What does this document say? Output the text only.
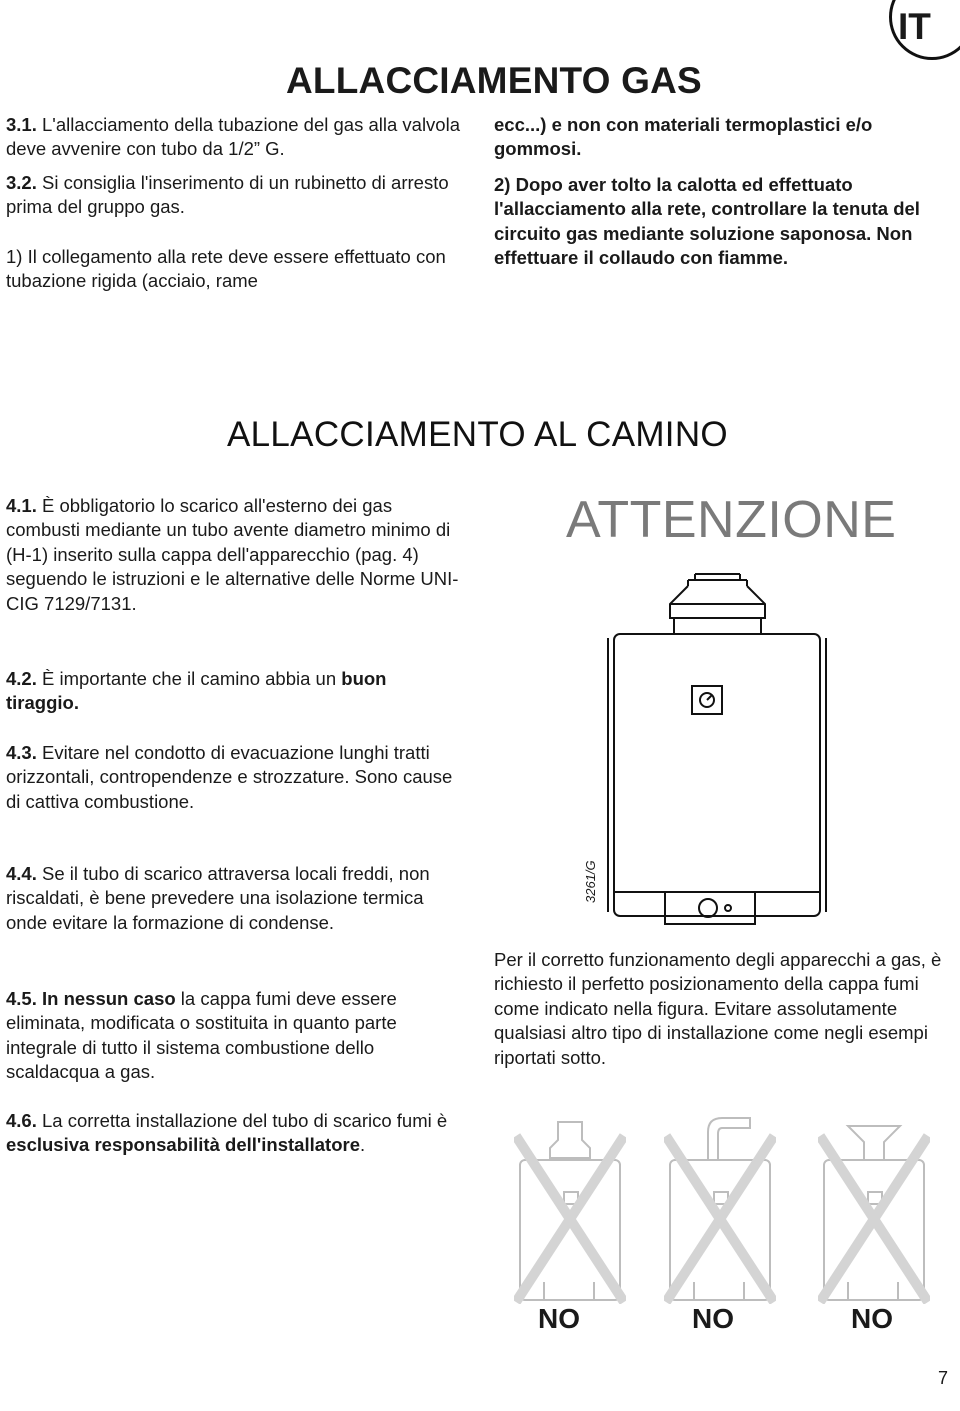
IT
ALLACCIAMENTO GAS

3.1. L'allacciamento della tubazione del gas alla valvola deve avvenire con tubo da 1/2” G.

3.2. Si consiglia l'inserimento di un rubinetto di arresto prima del gruppo gas.

1) Il collegamento alla rete deve essere effettuato con tubazione rigida (acciaio, rame

ecc...) e non con materiali termoplastici e/o gommosi.

2) Dopo aver tolto la calotta ed effettuato l'allacciamento alla rete, controllare la tenuta del circuito gas mediante soluzione saponosa. Non effettuare il collaudo con fiamme.

ALLACCIAMENTO AL CAMINO

4.1. È obbligatorio lo scarico all'esterno dei gas combusti mediante un tubo avente diametro minimo di (H-1) inserito sulla cappa dell'apparecchio (pag. 4) seguendo le istruzioni e le alternative delle Norme UNI-CIG 7129/7131.

4.2. È importante che il camino abbia un buon tiraggio.

4.3. Evitare nel condotto di evacuazione lunghi tratti orizzontali, contropendenze e strozzature. Sono cause di cattiva combustione.

4.4. Se il tubo di scarico attraversa locali freddi, non riscaldati, è bene prevedere una isolazione termica onde evitare la formazione di condense.

4.5. In nessun caso la cappa fumi deve essere eliminata, modificata o sostituita in quanto parte integrale di tutto il sistema combustione dello scaldacqua a gas.

4.6. La corretta installazione del tubo di scarico fumi è esclusiva responsabilità dell'installatore.

ATTENZIONE
3261/G

Per il corretto funzionamento degli apparecchi a gas, è richiesto il perfetto posizionamento della cappa fumi come indicato nella figura. Evitare assolutamente qualsiasi altro tipo di installazione come negli esempi riportati sotto.

NO	NO	NO
7
